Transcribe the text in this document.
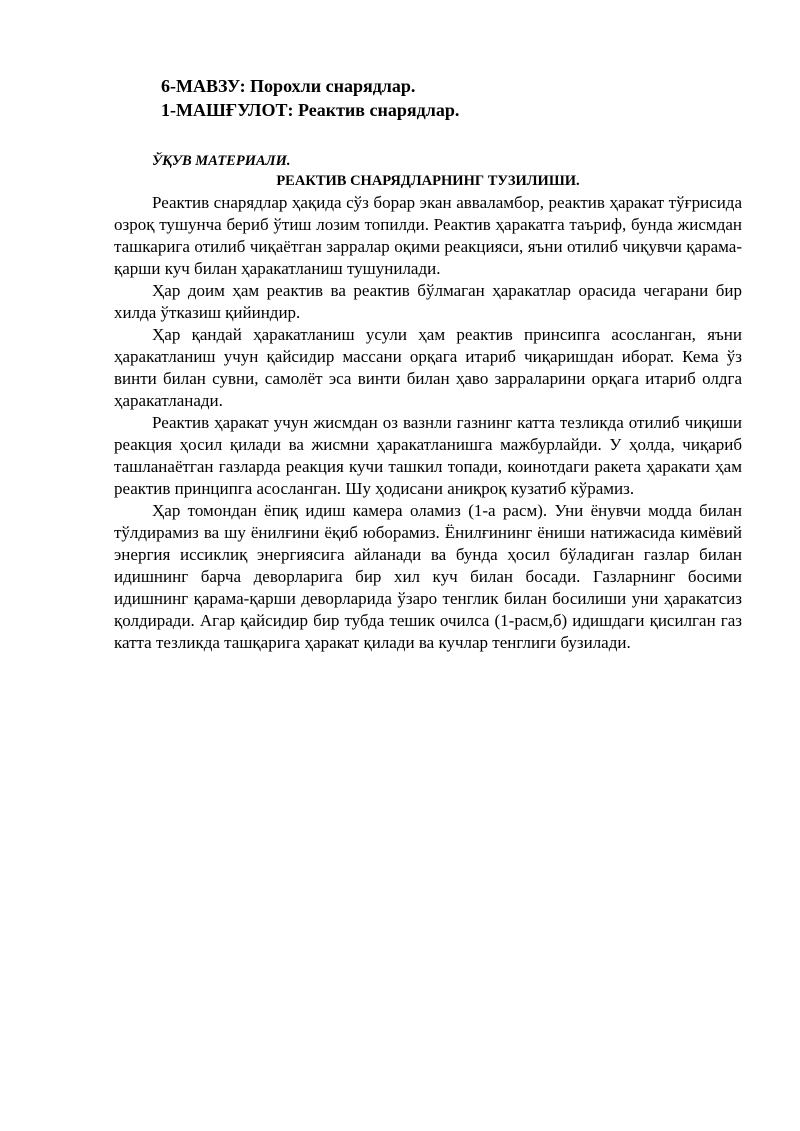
6-МАВЗУ: Порохли снарядлар.
1-МАШҒУЛОТ: Реактив снарядлар.
ЎҚУВ МАТЕРИАЛИ.
РЕАКТИВ СНАРЯДЛАРНИНГ ТУЗИЛИШИ.

Реактив снарядлар ҳақида сўз борар экан аввалaмбор, реактив ҳаракат тўғрисида озроқ тушунча бериб ўтиш лозим топилди. Реактив ҳаракатга таъриф, бунда жисмдан ташкарига отилиб чиқаётган зарралар оқими реакцияси, яъни отилиб чиқувчи қарама-қарши куч билан ҳаракатланиш тушунилади.

Ҳар доим ҳам реактив ва реактив бўлмаган ҳаракатлар орасида чегарани бир хилда ўтказиш қийиндир.

Ҳар қандай ҳаракатланиш усули ҳам реактив принсипга асосланган, яъни ҳаракатланиш учун қайсидир массани орқага итариб чиқаришдан иборат. Кема ўз винти билан сувни, самолёт эса винти билан ҳаво зарраларини орқага итариб олдга ҳаракатланади.

Реактив ҳаракат учун жисмдан оз вазнли газнинг катта тезликда отилиб чиқиши реакция ҳосил қилади ва жисмни ҳаракатланишга мажбурлайди. У ҳолда, чиқариб ташланаётган газларда реакция кучи ташкил топади, коинотдаги ракета ҳаракати ҳам реактив принципга асосланган. Шу ҳодисани аниқроқ кузатиб кўрамиз.

Ҳар томондан ёпиқ идиш камера оламиз (1-а расм). Уни ёнувчи модда билан тўлдирамиз ва шу ёнилғини ёқиб юборамиз. Ёнилғининг ёниши натижасида кимёвий энергия иссиклиқ энергиясига айланади ва бунда ҳосил бўладиган газлар билан идишнинг барча деворларига бир хил куч билан босади. Газларнинг босими идишнинг қарама-қарши деворларида ўзаро тенглик билан босилиши уни ҳаракатсиз қолдиради. Агар қайсидир бир тубда тешик очилса (1-расм,б) идишдаги қисилган газ катта тезликда ташқарига ҳаракат қилади ва кучлар тенглиги бузилади.
